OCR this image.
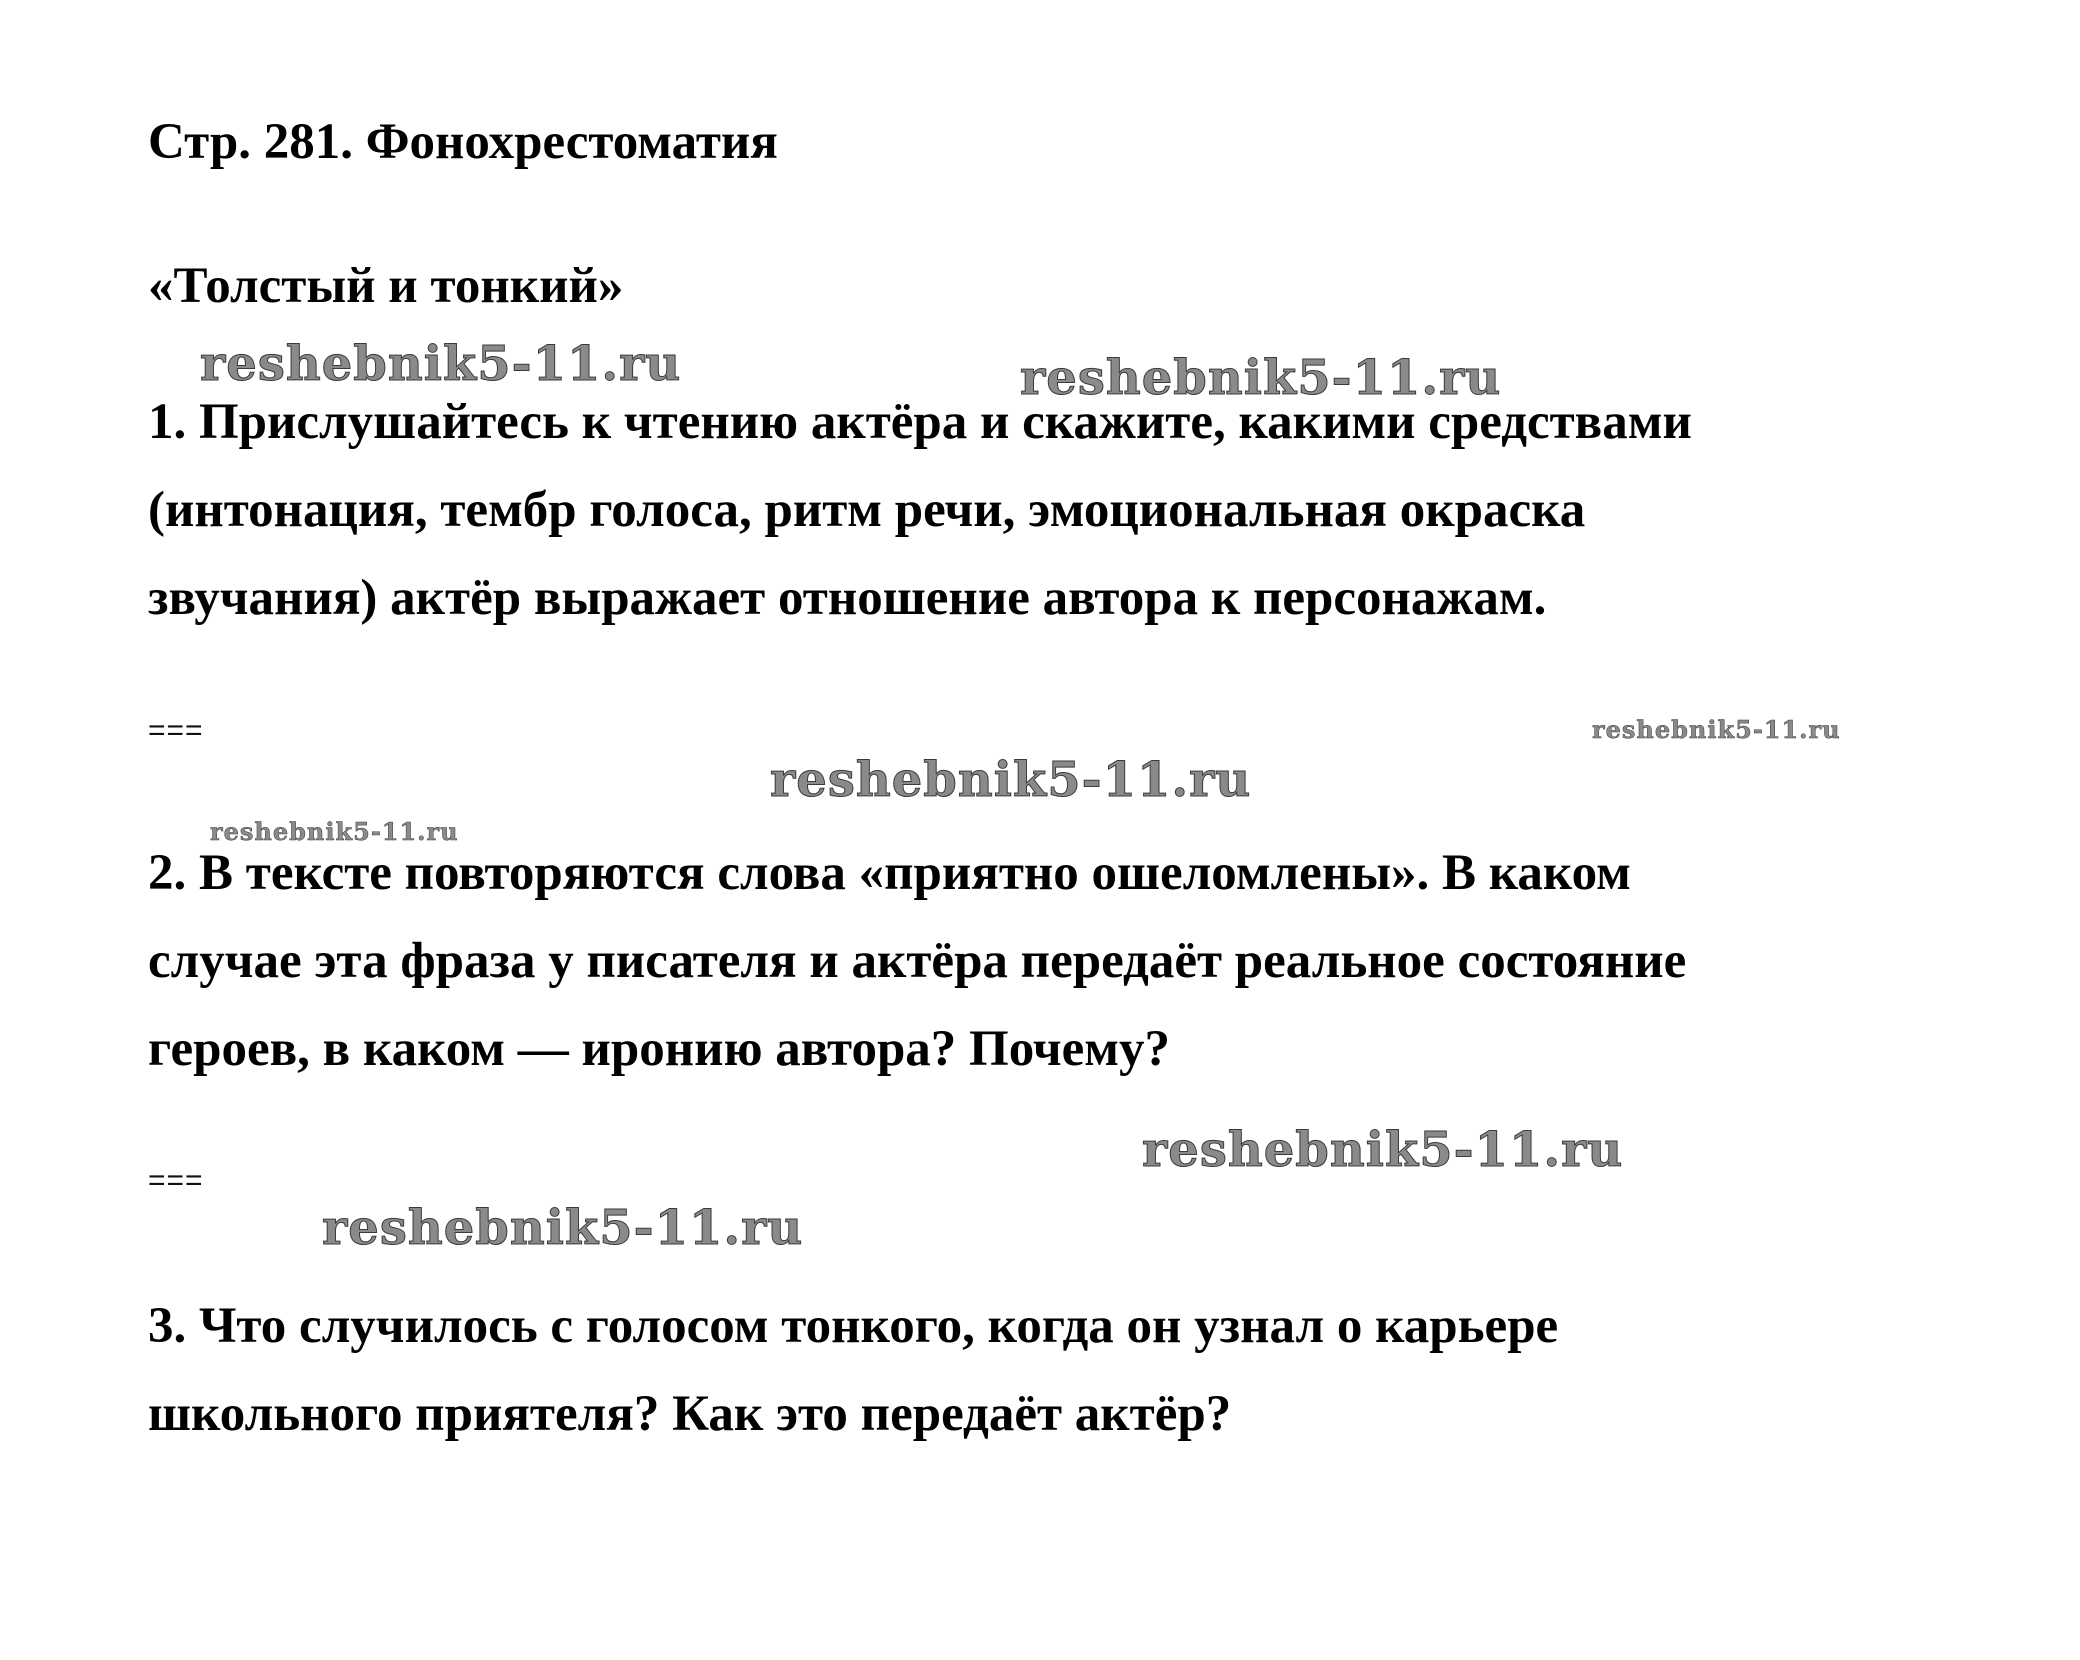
Стр. 281. Фонохрестоматия
«Толстый и тонкий»
reshebnik5-11.ru	reshebnik5-11.ru
1. Прислушайтесь к чтению актёра и скажите, какими средствами
(интонация, тембр голоса, ритм речи, эмоциональная окраска
звучания) актёр выражает отношение автора к персонажам.
===	reshebnik5-11.ru
reshebnik5-11.ru
reshebnik5-11.ru
2. В тексте повторяются слова «приятно ошеломлены». В каком
случае эта фраза у писателя и актёра передаёт реальное состояние
героев, в каком — иронию автора? Почему?
reshebnik5-11.ru
===
reshebnik5-11.ru
3. Что случилось с голосом тонкого, когда он узнал о карьере
школьного приятеля? Как это передаёт актёр?
